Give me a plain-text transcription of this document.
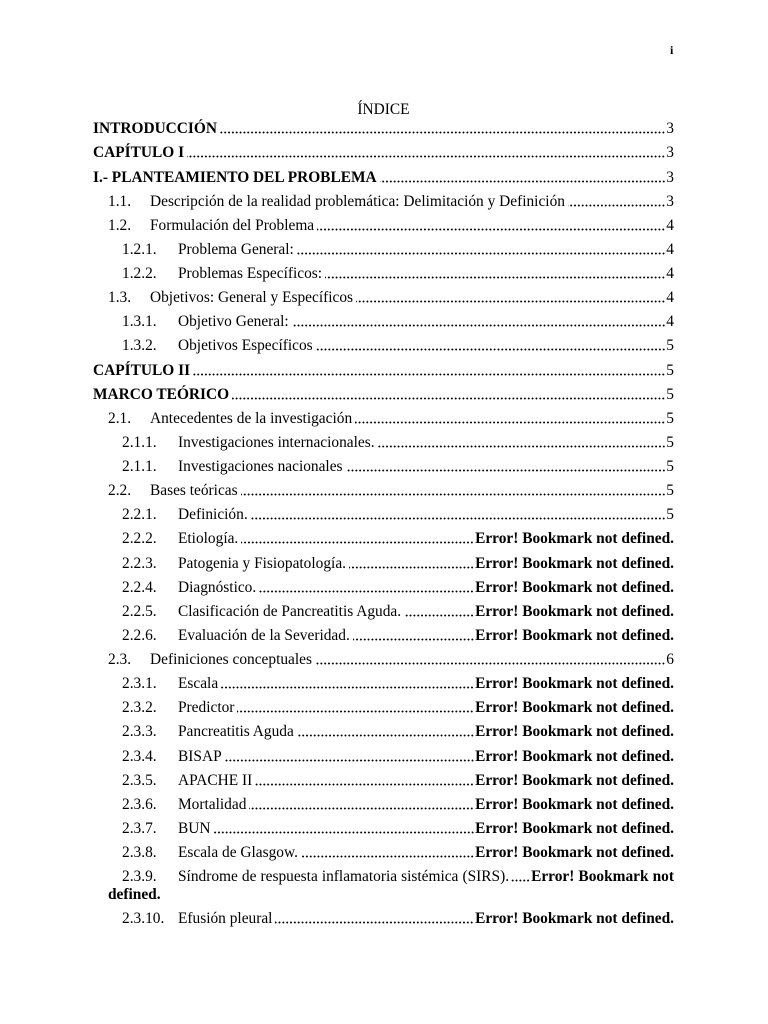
i
ÍNDICE
INTRODUCCIÓN	3
CAPÍTULO I	3
I.- PLANTEAMIENTO DEL PROBLEMA	3
1.1.	Descripción de la realidad problemática: Delimitación y Definición	3
1.2.	Formulación del Problema	4
1.2.1.	Problema General:	4
1.2.2.	Problemas Específicos:	4
1.3.	Objetivos: General y Específicos	4
1.3.1.	Objetivo General:	4
1.3.2.	Objetivos Específicos	5
CAPÍTULO II	5
MARCO TEÓRICO	5
2.1.	Antecedentes de la investigación	5
2.1.1.	Investigaciones internacionales.	5
2.1.1.	Investigaciones nacionales	5
2.2.	Bases teóricas	5
2.2.1.	Definición.	5
2.2.2.	Etiología.	Error! Bookmark not defined.
2.2.3.	Patogenia y Fisiopatología.	Error! Bookmark not defined.
2.2.4.	Diagnóstico.	Error! Bookmark not defined.
2.2.5.	Clasificación de Pancreatitis Aguda.	Error! Bookmark not defined.
2.2.6.	Evaluación de la Severidad.	Error! Bookmark not defined.
2.3.	Definiciones conceptuales	6
2.3.1.	Escala	Error! Bookmark not defined.
2.3.2.	Predictor	Error! Bookmark not defined.
2.3.3.	Pancreatitis Aguda	Error! Bookmark not defined.
2.3.4.	BISAP	Error! Bookmark not defined.
2.3.5.	APACHE II	Error! Bookmark not defined.
2.3.6.	Mortalidad	Error! Bookmark not defined.
2.3.7.	BUN	Error! Bookmark not defined.
2.3.8.	Escala de Glasgow.	Error! Bookmark not defined.
2.3.9. Síndrome de respuesta inflamatoria sistémica (SIRS). Error! Bookmark not defined.
2.3.10. Efusión pleural	Error! Bookmark not defined.
